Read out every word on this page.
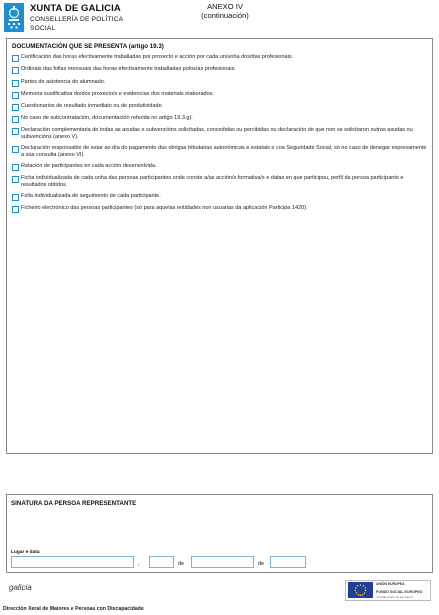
XUNTA DE GALICIA
CONSELLERÍA DE POLÍTICA
SOCIAL
ANEXO IV
(continuación)
DOCUMENTACIÓN QUE SE PRESENTA (artigo 19.3)
Certificación das horas efectivamente traballadas por proxecto e acción por cada un/unha dos/das profesionais.
Ordinais das follas mensuais das horas efectivamente traballadas polos/as profesionais.
Partes de asistencia do alumnado.
Memoria xustificativa do/dos proxecto/s e evidencias dos materiais elaborados.
Cuestionarios de resultado inmediato ou de produtividade.
No caso de subcontratación, documentación referida no artigo 19.3.g).
Declaración complementaria de todas as axudas e subvencións solicitadas, concedidas ou percibidas ou declaración de que non se solicitaron outras axudas ou subvencións (anexo V).
Declaración responsable de estar ao día do pagamento das obrigas tributarias autonómicas e estatais e coa Seguridade Social, só no caso de denegar expresamente a súa consulta (anexo VI).
Relación de participantes en cada acción desenvolvida.
Ficha individualizada de cada unha das persoas participantes onde conste a/as acción/s formativa/s e datas en que participou, perfil da persoa participante e resultados obtidos.
Folla individualizada de seguimento de cada participante.
Ficheiro electrónico das persoas participantes (só para aquelas entidades non usuarias da aplicación Participa 1420).
SINATURA DA PERSOA REPRESENTANTE
Lugar e data
,	de	de
galicia	UNIÓN EUROPEA
FONDO SOCIAL EUROPEO
"O FSE invirte no teu futuro"
Dirección Xeral de Maiores e Persoas con Discapacidade
